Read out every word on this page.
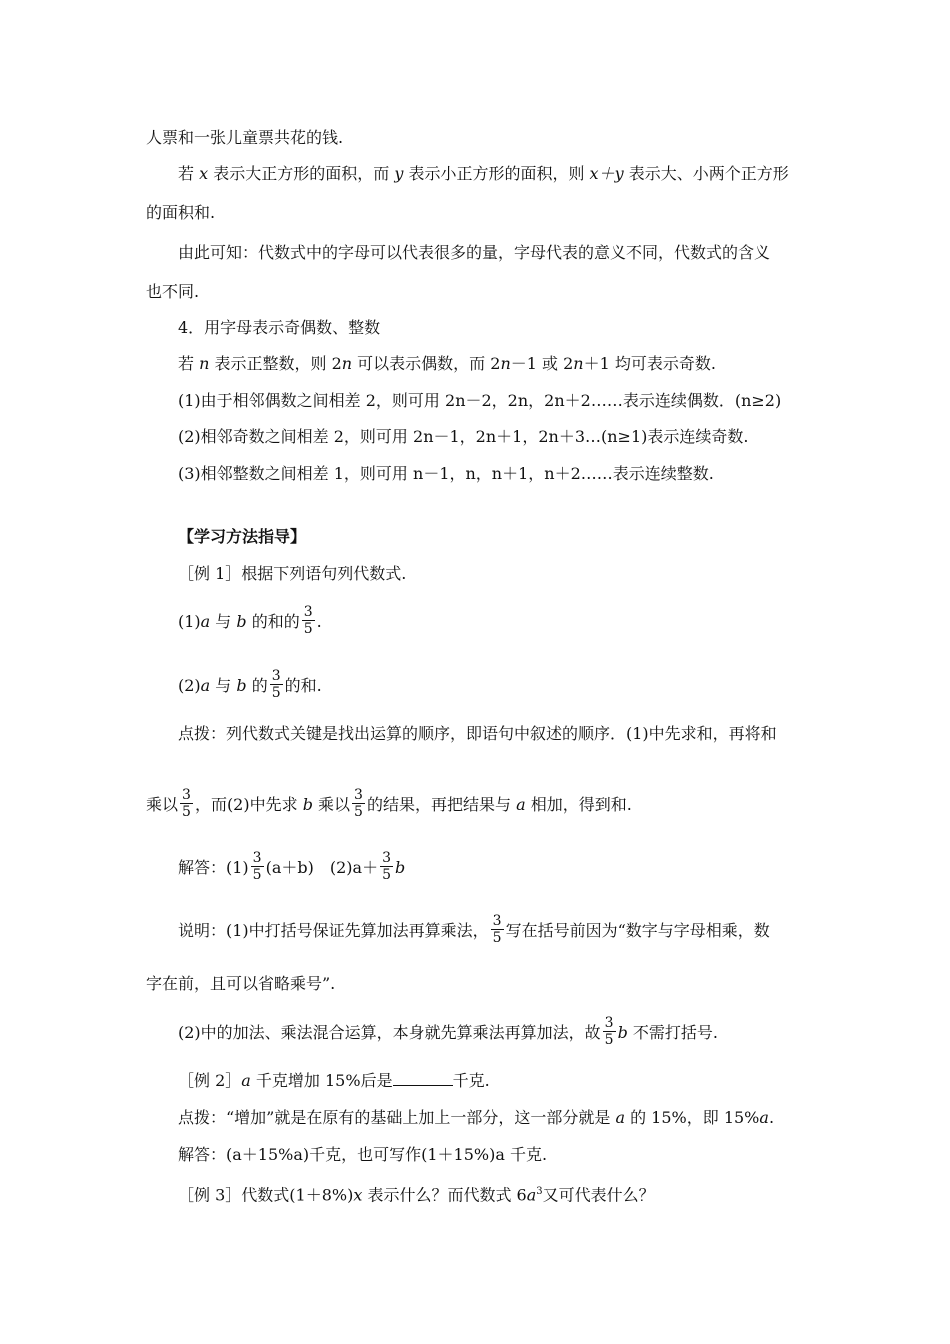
人票和一张儿童票共花的钱.
若 x 表示大正方形的面积，而 y 表示小正方形的面积，则 x＋y 表示大、小两个正方形
的面积和.
由此可知：代数式中的字母可以代表很多的量，字母代表的意义不同，代数式的含义
也不同.
4．用字母表示奇偶数、整数
若 n 表示正整数，则 2n 可以表示偶数，而 2n－1 或 2n＋1 均可表示奇数.
(1)由于相邻偶数之间相差 2，则可用 2n－2，2n，2n＋2……表示连续偶数．(n≥2)
(2)相邻奇数之间相差 2，则可用 2n－1，2n＋1，2n＋3…(n≥1)表示连续奇数.
(3)相邻整数之间相差 1，则可用 n－1，n，n＋1，n＋2……表示连续整数.
【学习方法指导】
［例 1］根据下列语句列代数式.
(1)a 与 b 的和的 $\frac{3}{5}$ .
(2)a 与 b 的 $\frac{3}{5}$ 的和.
点拨：列代数式关键是找出运算的顺序，即语句中叙述的顺序．(1)中先求和，再将和
乘以 $\frac{3}{5}$ ，而(2)中先求 b 乘以 $\frac{3}{5}$ 的结果，再把结果与 a 相加，得到和.
解答：$(1) \frac{3}{5} (a+b)$　$(2)a+ \frac{3}{5}$ b
说明：(1)中打括号保证先算加法再算乘法， $\frac{3}{5}$ 写在括号前因为“数字与字母相乘，数
字在前，且可以省略乘号”.
(2)中的加法、乘法混合运算，本身就先算乘法再算加法，故 $\frac{3}{5}$ b 不需打括号.
［例 2］a 千克增加 15%后是	千克.
点拨：“增加”就是在原有的基础上加上一部分，这一部分就是 a 的 15%，即 15%a.
解答：(a＋15%a)千克，也可写作(1＋15%)a 千克.
［例 3］代数式(1＋8%)x 表示什么？而代数式 $6a^3$又可代表什么？
